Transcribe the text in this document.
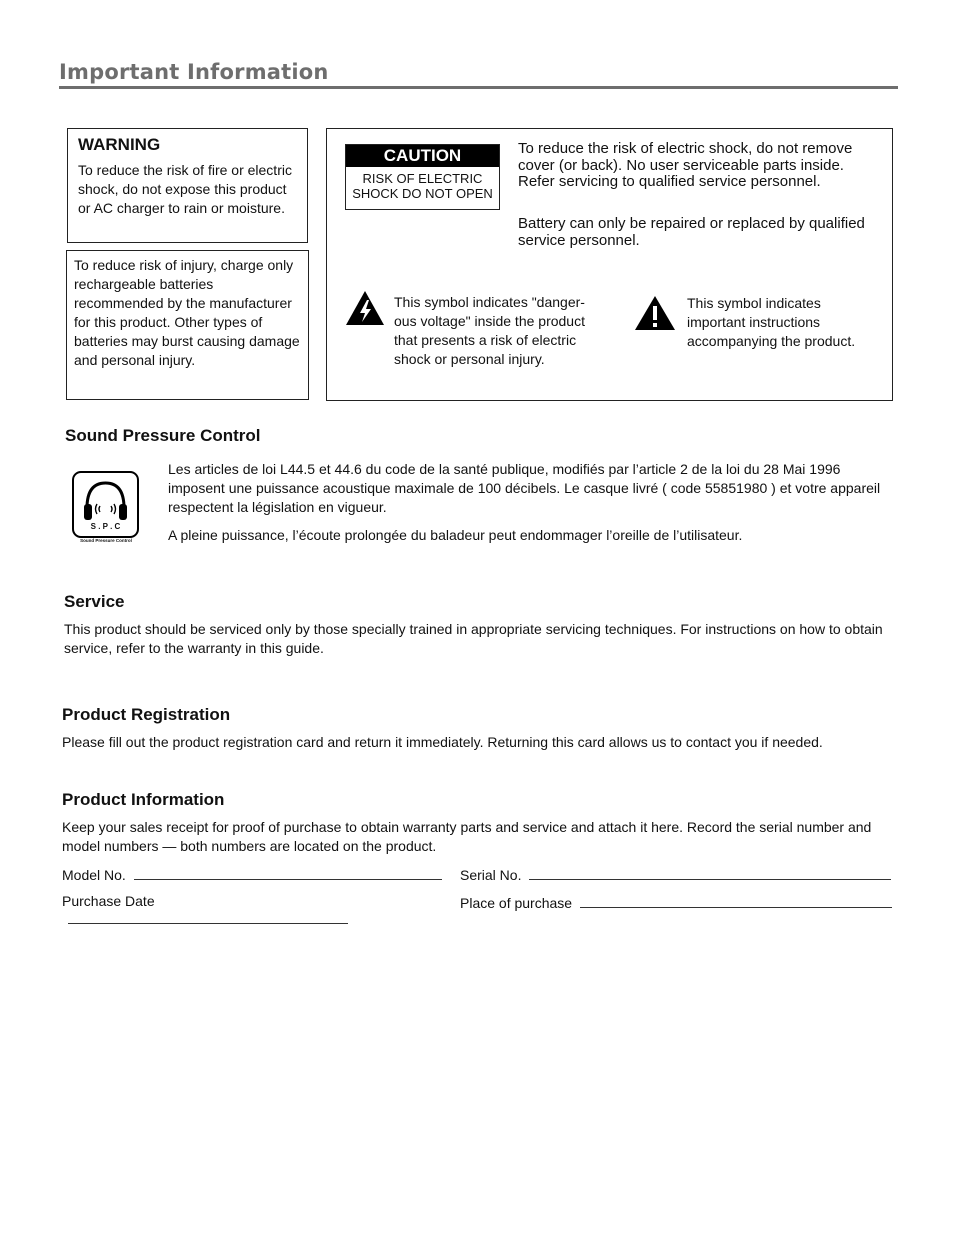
Important Information
WARNING
To reduce the risk of fire or electric shock, do not expose this product or AC charger to rain or moisture.
To reduce risk of injury, charge only rechargeable batteries recommended by the manufacturer for this product. Other types of batteries may burst causing damage and personal injury.
CAUTION
RISK OF ELECTRIC
SHOCK DO NOT OPEN
To reduce the risk of electric shock, do not remove cover (or back). No user serviceable parts inside. Refer servicing to qualified service personnel.
Battery can only be repaired or replaced by qualified service personnel.
This symbol indicates "danger-ous voltage" inside the product that presents a risk of electric shock or personal injury.
This symbol indicates important instructions accompanying the product.
Sound Pressure Control
S . P . C
Sound Pressure Control
Les articles de loi L44.5 et 44.6 du code de la santé publique, modifiés par l’article 2 de la loi du 28 Mai 1996 imposent une puissance acoustique maximale de 100 décibels. Le casque livré ( code 55851980 ) et votre appareil respectent la législation en vigueur.
A pleine puissance, l’écoute prolongée du baladeur peut endommager l’oreille de l’utilisateur.
Service
This product should be serviced only by those specially trained in appropriate servicing techniques. For instructions on how to obtain service, refer to the warranty in this guide.
Product Registration
Please fill out the product registration card and return it immediately. Returning this card allows us to contact you if needed.
Product Information
Keep your sales receipt for proof of purchase to obtain warranty parts and service and attach it here. Record the serial number and model numbers — both numbers are located on the product.
Model No.	Serial No.
Purchase Date	Place of purchase
